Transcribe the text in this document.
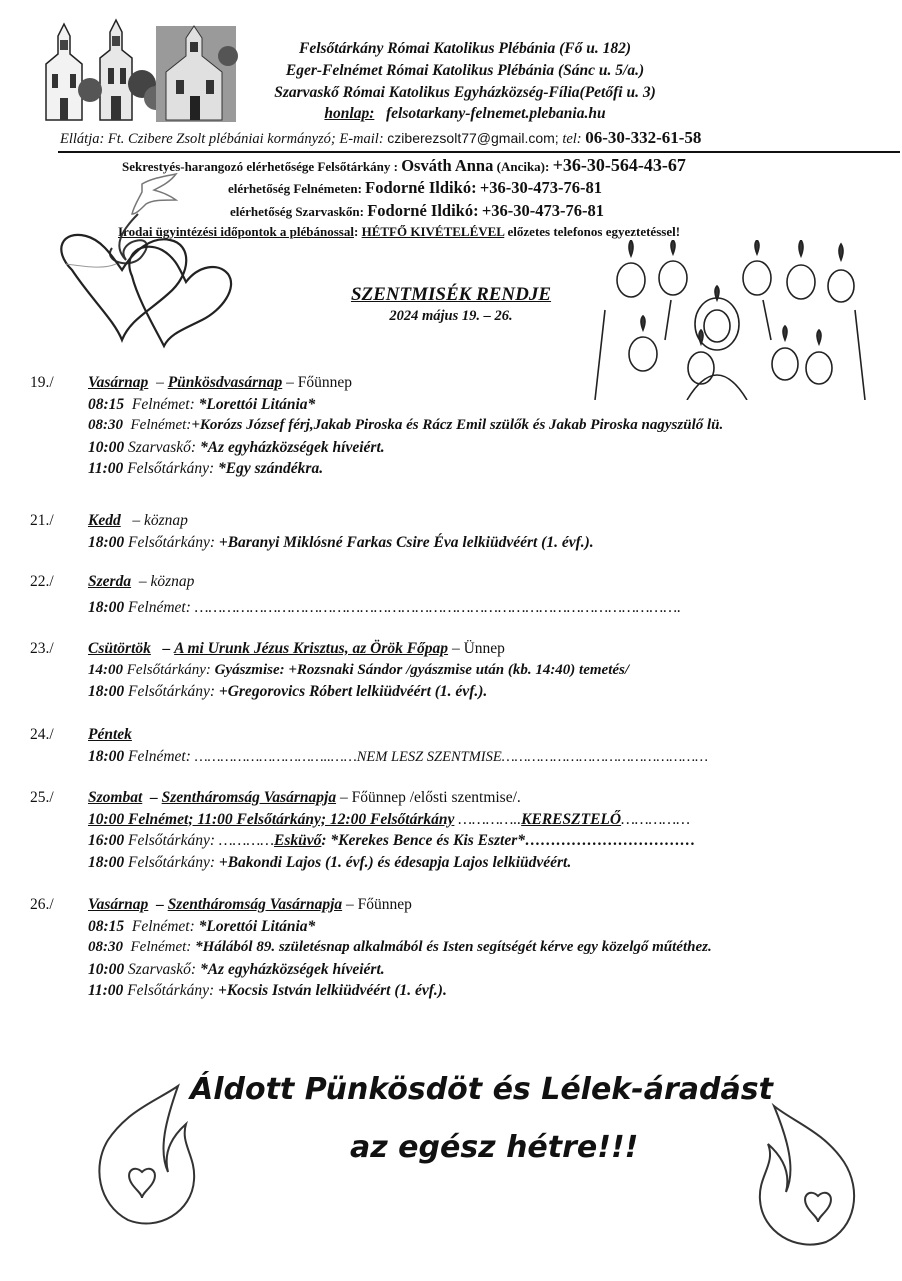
Felsőtárkány Római Katolikus Plébánia (Fő u. 182)
Eger-Felnémet Római Katolikus Plébánia (Sánc u. 5/a.)
Szarvaskő Római Katolikus Egyházközség-Fília(Petőfi u. 3)
honlap: felsotarkany-felnemet.plebania.hu
Ellátja: Ft. Czibere Zsolt plébániai kormányzó; E-mail: cziberezsolt77@gmail.com; tel: 06-30-332-61-58
Sekrestyés-harangozó elérhetősége Felsőtárkány : Osváth Anna (Ancika): +36-30-564-43-67
elérhetőség Felnémeten: Fodorné Ildikó: +36-30-473-76-81
elérhetőség Szarvaskőn: Fodorné Ildikó: +36-30-473-76-81
Irodai ügyintézési időpontok a plébánossal: HÉTFŐ KIVÉTELÉVEL előzetes telefonos egyeztetéssel!
SZENTMISÉK RENDJE
2024 május 19. – 26.
19./	Vasárnap – Pünkösdvasárnap – Főünnep
08:15 Felnémet: *Lorettói Litánia*
08:30 Felnémet:+Korózs József férj,Jakab Piroska és Rácz Emil szülők és Jakab Piroska nagyszülő lü.
10:00 Szarvaskő: *Az egyházközségek híveiért.
11:00 Felsőtárkány: *Egy szándékra.
21./	Kedd – köznap
18:00 Felsőtárkány: +Baranyi Miklósné Farkas Csire Éva lelkiüdvéért (1. évf.).
22./	Szerda – köznap
18:00 Felnémet: …………………………………………………………………………………………….
23./	Csütörtök – A mi Urunk Jézus Krisztus, az Örök Főpap – Ünnep
14:00 Felsőtárkány: Gyászmise: +Rozsnaki Sándor /gyászmise után (kb. 14:40) temetés/
18:00 Felsőtárkány: +Gregorovics Róbert lelkiüdvéért (1. évf.).
24./	Péntek
18:00 Felnémet: …………………………..……NEM LESZ SZENTMISE…………………………………………
25./	Szombat – Szentháromság Vasárnapja – Főünnep /elősti szentmise/.
10:00 Felnémet; 11:00 Felsőtárkány; 12:00 Felsőtárkány …………..KERESZTELŐ……………
16:00 Felsőtárkány: …………Esküvő: *Kerekes Bence és Kis Eszter*……………………………
18:00 Felsőtárkány: +Bakondi Lajos (1. évf.) és édesapja Lajos lelkiüdvéért.
26./	Vasárnap – Szentháromság Vasárnapja – Főünnep
08:15 Felnémet: *Lorettói Litánia*
08:30 Felnémet: *Hálából 89. születésnap alkalmából és Isten segítségét kérve egy közelgő műtéthez.
10:00 Szarvaskő: *Az egyházközségek híveiért.
11:00 Felsőtárkány: +Kocsis István lelkiüdvéért (1. évf.).
Áldott Pünkösdöt és Lélek-áradást
az egész hétre!!!
